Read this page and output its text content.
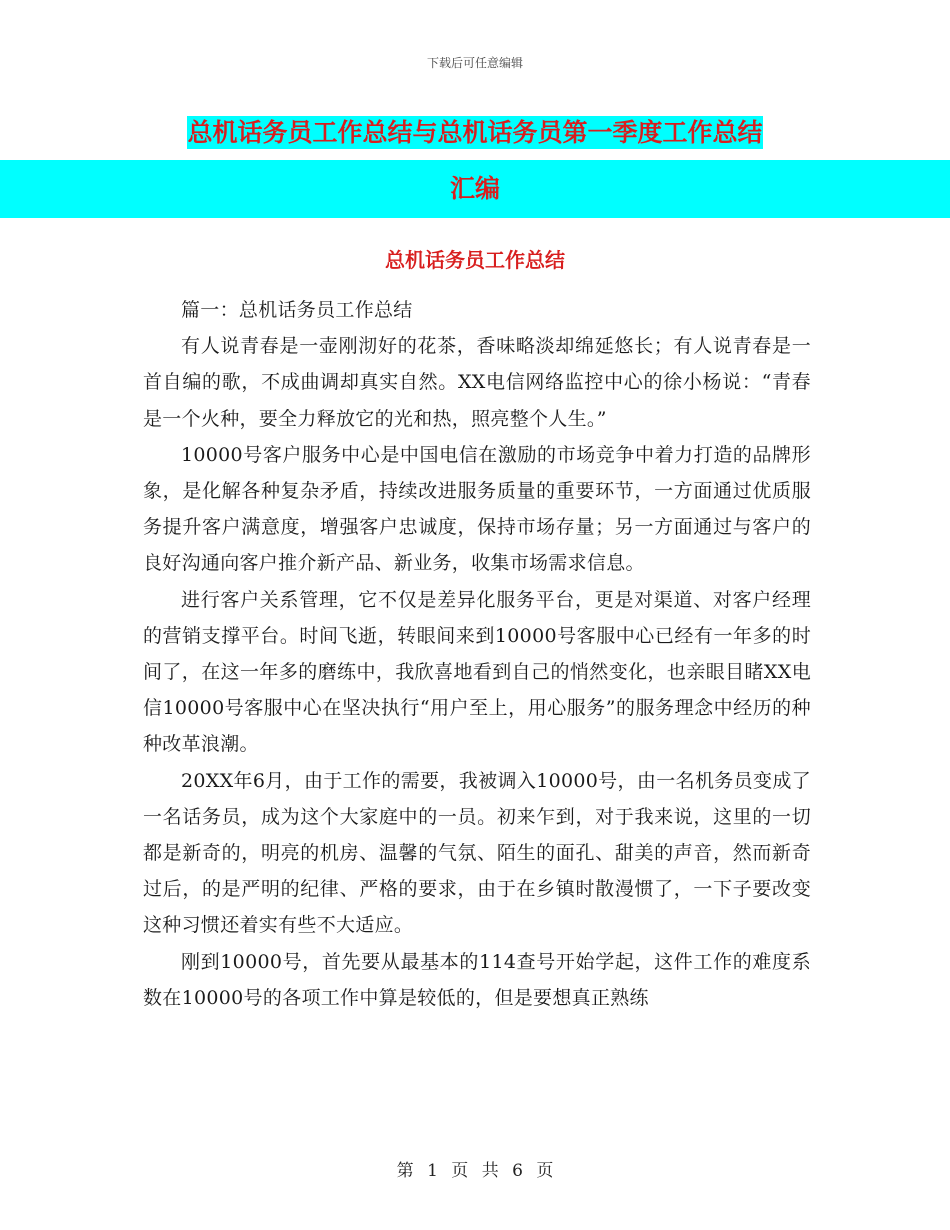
下载后可任意编辑
总机话务员工作总结与总机话务员第一季度工作总结
汇编
总机话务员工作总结

篇一：总机话务员工作总结

有人说青春是一壶刚沏好的花茶，香味略淡却绵延悠长；有人说青春是一首自编的歌，不成曲调却真实自然。XX电信网络监控中心的徐小杨说：“青春是一个火种，要全力释放它的光和热，照亮整个人生。”

10000号客户服务中心是中国电信在激励的市场竞争中着力打造的品牌形象，是化解各种复杂矛盾，持续改进服务质量的重要环节，一方面通过优质服务提升客户满意度，增强客户忠诚度，保持市场存量；另一方面通过与客户的良好沟通向客户推介新产品、新业务，收集市场需求信息。

进行客户关系管理，它不仅是差异化服务平台，更是对渠道、对客户经理的营销支撑平台。时间飞逝，转眼间来到10000号客服中心已经有一年多的时间了，在这一年多的磨练中，我欣喜地看到自己的悄然变化，也亲眼目睹XX电信10000号客服中心在坚决执行“用户至上，用心服务”的服务理念中经历的种种改革浪潮。

20XX年6月，由于工作的需要，我被调入10000号，由一名机务员变成了一名话务员，成为这个大家庭中的一员。初来乍到，对于我来说，这里的一切都是新奇的，明亮的机房、温馨的气氛、陌生的面孔、甜美的声音，然而新奇过后，的是严明的纪律、严格的要求，由于在乡镇时散漫惯了，一下子要改变这种习惯还着实有些不大适应。

刚到10000号，首先要从最基本的114查号开始学起，这件工作的难度系数在10000号的各项工作中算是较低的，但是要想真正熟练

第 1 页 共 6 页
